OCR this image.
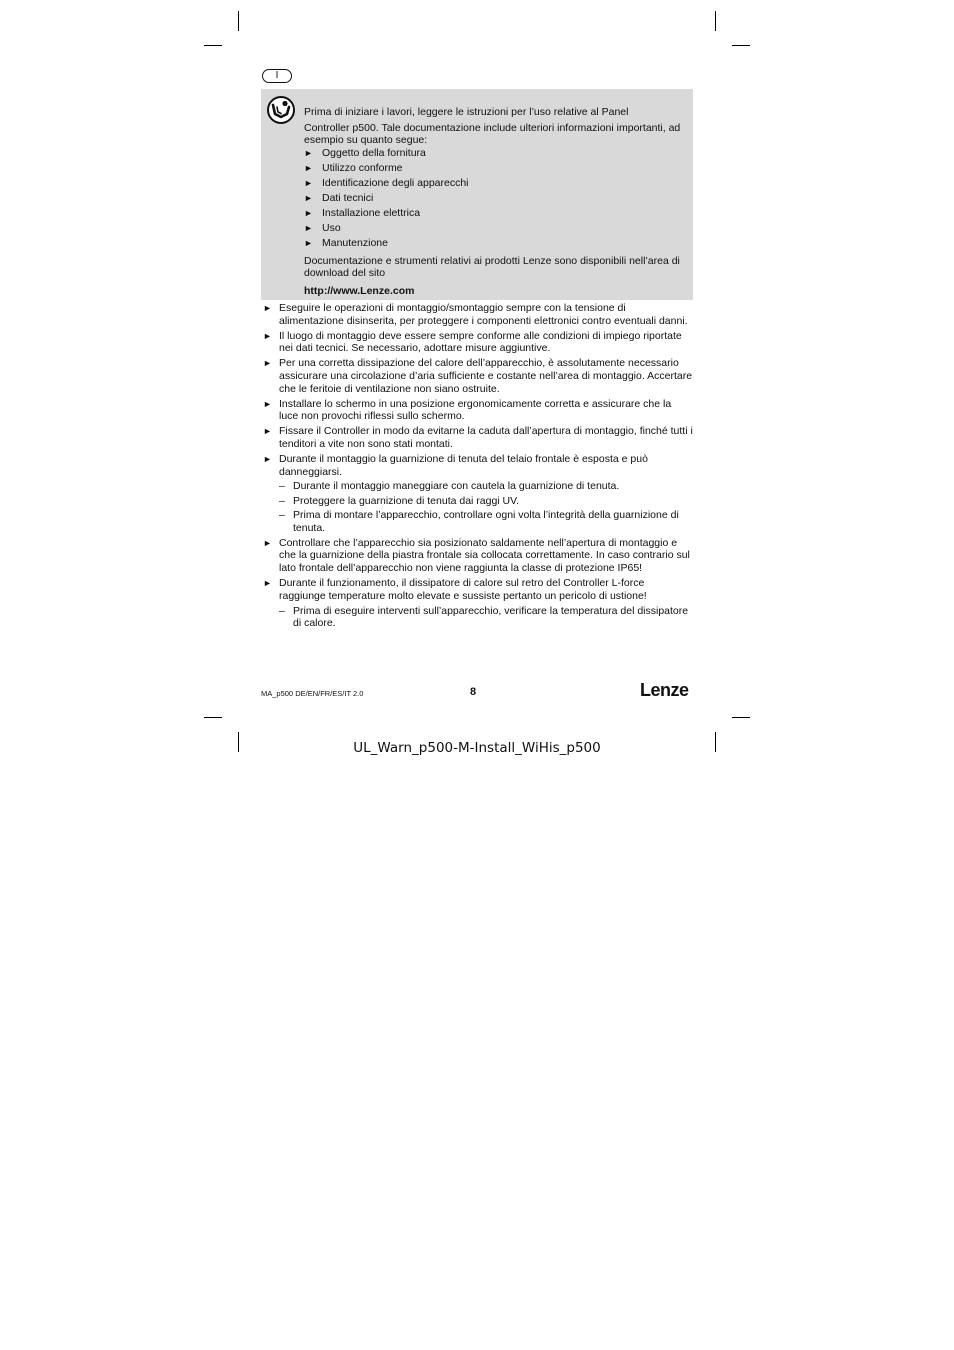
I

Prima di iniziare i lavori, leggere le istruzioni per l’uso relative al Panel

Controller p500. Tale documentazione include ulteriori informazioni importanti, ad esempio su quanto segue:

► Oggetto della fornitura
► Utilizzo conforme
► Identificazione degli apparecchi
► Dati tecnici
► Installazione elettrica
► Uso
► Manutenzione

Documentazione e strumenti relativi ai prodotti Lenze sono disponibili nell’area di download del sito

http://www.Lenze.com

► Eseguire le operazioni di montaggio/smontaggio sempre con la tensione di alimentazione disinserita, per proteggere i componenti elettronici contro eventuali danni.
► Il luogo di montaggio deve essere sempre conforme alle condizioni di impiego riportate nei dati tecnici. Se necessario, adottare misure aggiuntive.
► Per una corretta dissipazione del calore dell’apparecchio, è assolutamente necessario assicurare una circolazione d’aria sufficiente e costante nell’area di montaggio. Accertare che le feritoie di ventilazione non siano ostruite.
► Installare lo schermo in una posizione ergonomicamente corretta e assicurare che la luce non provochi riflessi sullo schermo.
► Fissare il Controller in modo da evitarne la caduta dall’apertura di montaggio, finché tutti i tenditori a vite non sono stati montati.
► Durante il montaggio la guarnizione di tenuta del telaio frontale è esposta e può danneggiarsi.
– Durante il montaggio maneggiare con cautela la guarnizione di tenuta.
– Proteggere la guarnizione di tenuta dai raggi UV.
– Prima di montare l’apparecchio, controllare ogni volta l’integrità della guarnizione di tenuta.
► Controllare che l’apparecchio sia posizionato saldamente nell’apertura di montaggio e che la guarnizione della piastra frontale sia collocata correttamente. In caso contrario sul lato frontale dell’apparecchio non viene raggiunta la classe di protezione IP65!
► Durante il funzionamento, il dissipatore di calore sul retro del Controller L-force raggiunge temperature molto elevate e sussiste pertanto un pericolo di ustione!
– Prima di eseguire interventi sull’apparecchio, verificare la temperatura del dissipatore di calore.
MA_p500 DE/EN/FR/ES/IT 2.0	8	Lenze
UL_Warn_p500-M-Install_WiHis_p500
